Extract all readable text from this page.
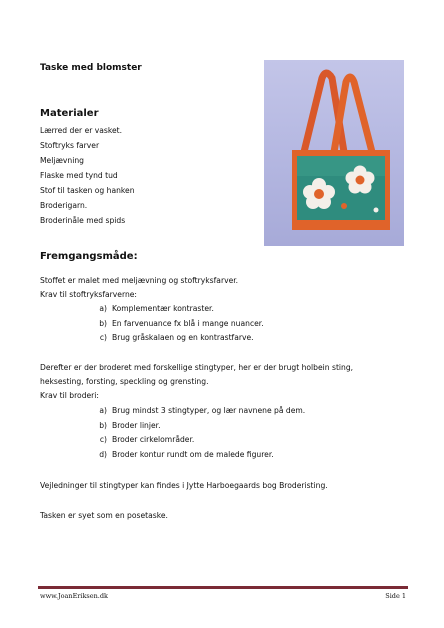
Taske med blomster
Materialer
Lærred der er vasket.
Stoftryks farver
Meljævning
Flaske med tynd tud
Stof til tasken og hanken
Broderigarn.
Broderinåle med spids
Fremgangsmåde:
Stoffet er malet med meljævning og stoftryksfarver.
Krav til stoftryksfarverne:
a) Komplementær kontraster.
b) En farvenuance fx blå i mange nuancer.
c) Brug gråskalaen og en kontrastfarve.
Derefter er der broderet med forskellige stingtyper, her er der brugt holbein sting,
heksesting, forsting, speckling og grensting.
Krav til broderi:
a) Brug mindst 3 stingtyper, og lær navnene på dem.
b) Broder linjer.
c) Broder cirkelområder.
d) Broder kontur rundt om de malede figurer.
Vejledninger til stingtyper kan findes i Jytte Harboegaards bog Broderisting.
Tasken er syet som en posetaske.
www.JoanEriksen.dk	Side 1
